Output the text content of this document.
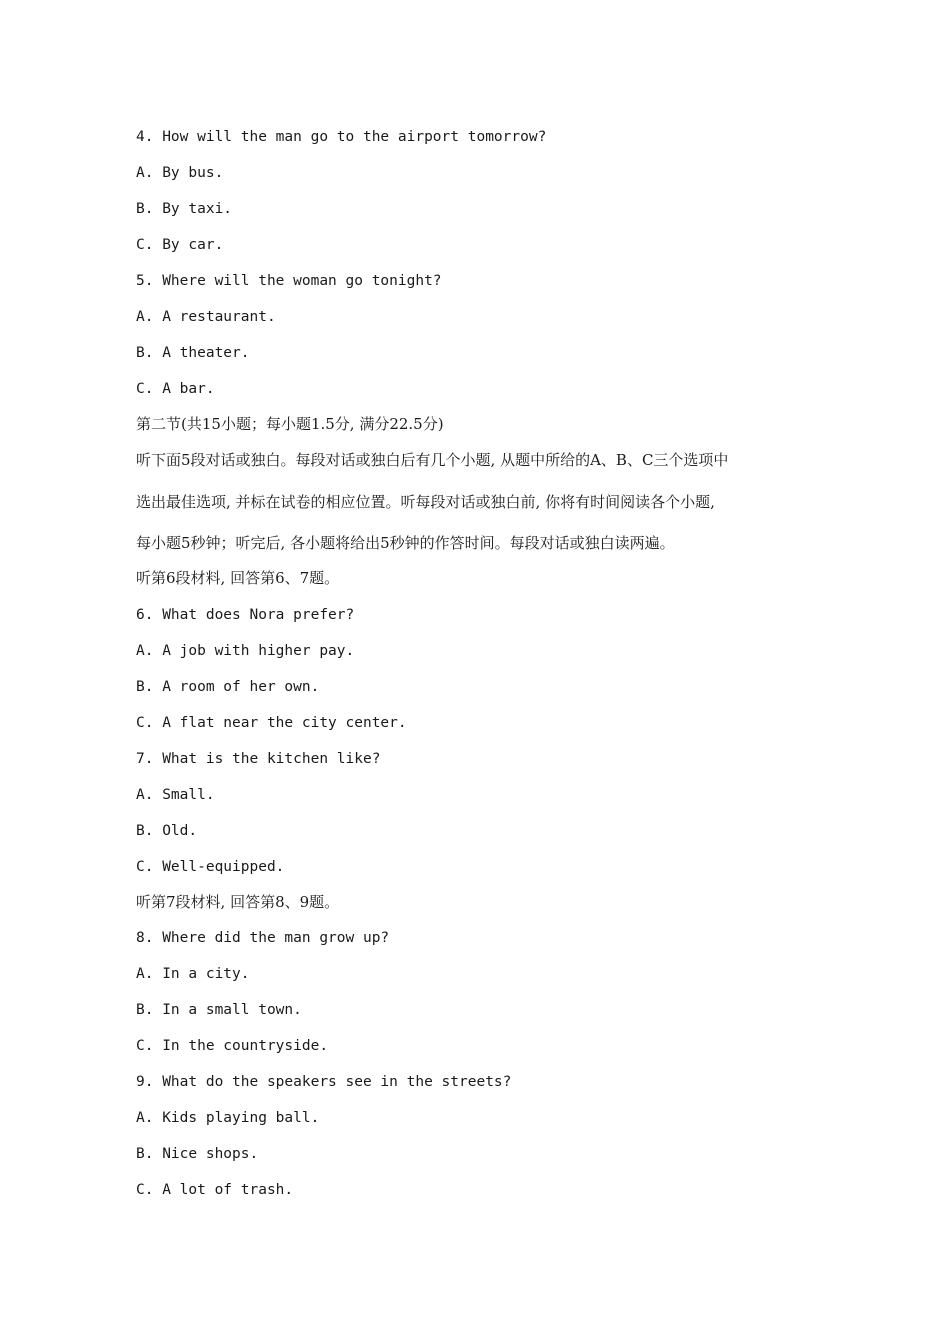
4. How will the man go to the airport tomorrow?
A. By bus.
B. By taxi.
C. By car.
5. Where will the woman go tonight?
A. A restaurant.
B. A theater.
C. A bar.
第二节(共15小题；每小题1.5分, 满分22.5分)
听下面5段对话或独白。每段对话或独白后有几个小题, 从题中所给的A、B、C三个选项中
选出最佳选项, 并标在试卷的相应位置。听每段对话或独白前, 你将有时间阅读各个小题,
每小题5秒钟；听完后, 各小题将给出5秒钟的作答时间。每段对话或独白读两遍。
听第6段材料, 回答第6、7题。
6. What does Nora prefer?
A. A job with higher pay.
B. A room of her own.
C. A flat near the city center.
7. What is the kitchen like?
A. Small.
B. Old.
C. Well-equipped.
听第7段材料, 回答第8、9题。
8. Where did the man grow up?
A. In a city.
B. In a small town.
C. In the countryside.
9. What do the speakers see in the streets?
A. Kids playing ball.
B. Nice shops.
C. A lot of trash.
